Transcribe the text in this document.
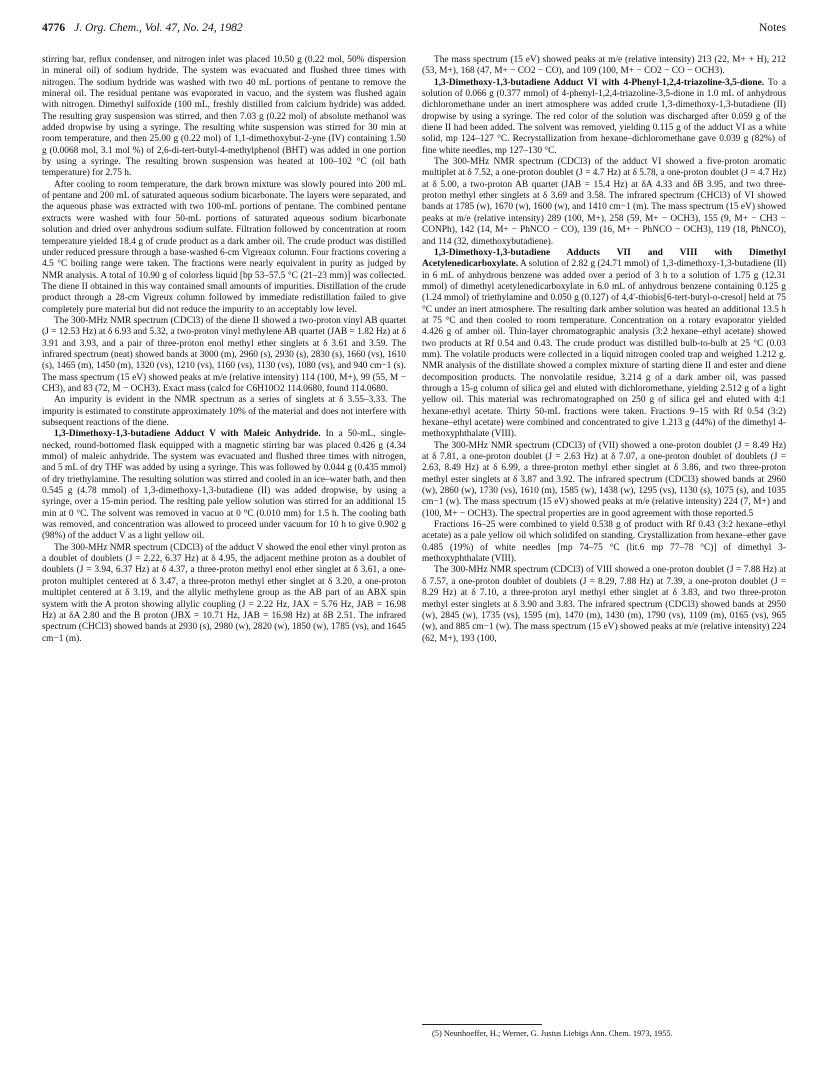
4776 J. Org. Chem., Vol. 47, No. 24, 1982	Notes

stirring bar, reflux condenser, and nitrogen inlet was placed 10.50 g (0.22 mol, 50% dispersion in mineral oil) of sodium hydride. The system was evacuated and flushed three times with nitrogen. The sodium hydride was washed with two 40 mL portions of pentane to remove the mineral oil. The residual pentane was evaporated in vacuo, and the system was flushed again with nitrogen. Dimethyl sulfoxide (100 mL, freshly distilled from calcium hydride) was added. The resulting gray suspension was stirred, and then 7.03 g (0.22 mol) of absolute methanol was added dropwise by using a syringe. The resulting white suspension was stirred for 30 min at room temperature, and then 25.00 g (0.22 mol) of 1,1-dimethoxybut-2-yne (IV) containing 1.50 g (0.0068 mol, 3.1 mol %) of 2,6-di-tert-butyl-4-methylphenol (BHT) was added in one portion by using a syringe. The resulting brown suspension was heated at 100–102 °C (oil bath temperature) for 2.75 h.

After cooling to room temperature, the dark brown mixture was slowly poured into 200 mL of pentane and 200 mL of saturated aqueous sodium bicarbonate. The layers were separated, and the aqueous phase was extracted with two 100-mL portions of pentane. The combined pentane extracts were washed with four 50-mL portions of saturated aqueous sodium bicarbonate solution and dried over anhydrous sodium sulfate. Filtration followed by concentration at room temperature yielded 18.4 g of crude product as a dark amber oil. The crude product was distilled under reduced pressure through a base-washed 6-cm Vigreaux column. Four fractions covering a 4.5 °C boiling range were taken. The fractions were nearly equivalent in purity as judged by NMR analysis. A total of 10.90 g of colorless liquid [bp 53–57.5 °C (21–23 mm)] was collected. The diene II obtained in this way contained small amounts of impurities. Distillation of the crude product through a 28-cm Vigreux column followed by immediate redistillation failed to give completely pure material but did not reduce the impurity to an acceptably low level.

The 300-MHz NMR spectrum (CDCl3) of the diene II showed a two-proton vinyl AB quartet (J = 12.53 Hz) at δ 6.93 and 5.32, a two-proton vinyl methylene AB quartet (JAB = 1.82 Hz) at δ 3.91 and 3.93, and a pair of three-proton enol methyl ether singlets at δ 3.61 and 3.59. The infrared spectrum (neat) showed bands at 3000 (m), 2960 (s), 2930 (s), 2830 (s), 1660 (vs), 1610 (s), 1465 (m), 1450 (m), 1320 (vs), 1210 (vs), 1160 (vs), 1130 (vs), 1080 (vs), and 940 cm−1 (s). The mass spectrum (15 eV) showed peaks at m/e (relative intensity) 114 (100, M+), 99 (55, M − CH3), and 83 (72, M − OCH3). Exact mass (calcd for C6H10O2 114.0680, found 114.0680.

An impurity is evident in the NMR spectrum as a series of singlets at δ 3.55–3.33. The impurity is estimated to constitute approximately 10% of the material and does not interfere with subsequent reactions of the diene.

1,3-Dimethoxy-1,3-butadiene Adduct V with Maleic Anhydride. In a 50-mL, single-necked, round-bottomed flask equipped with a magnetic stirring bar was placed 0.426 g (4.34 mmol) of maleic anhydride. The system was evacuated and flushed three times with nitrogen, and 5 mL of dry THF was added by using a syringe. This was followed by 0.044 g (0.435 mmol) of dry triethylamine. The resulting solution was stirred and cooled in an ice–water bath, and then 0.545 g (4.78 mmol) of 1,3-dimethoxy-1,3-butadiene (II) was added dropwise, by using a syringe, over a 15-min period. The reslting pale yellow solution was stirred for an additional 15 min at 0 °C. The solvent was removed in vacuo at 0 °C (0.010 mm) for 1.5 h. The cooling bath was removed, and concentration was allowed to proceed under vacuum for 10 h to give 0.902 g (98%) of the adduct V as a light yellow oil.

The 300-MHz NMR spectrum (CDCl3) of the adduct V showed the enol ether vinyl proton as a doublet of doublets (J = 2.22, 6.37 Hz) at δ 4.95, the adjacent methine proton as a doublet of doublets (J = 3.94, 6.37 Hz) at δ 4.37, a three-proton methyl enol ether singlet at δ 3.61, a one-proton multiplet centered at δ 3.47, a three-proton methyl ether singlet at δ 3.20, a one-proton multiplet centered at δ 3.19, and the allylic methylene group as the AB part of an ABX spin system with the A proton showing allylic coupling (J = 2.22 Hz, JAX = 5.76 Hz, JAB = 16.98 Hz) at δA 2.80 and the B proton (JBX = 10.71 Hz, JAB = 16.98 Hz) at δB 2.51. The infrared spectrum (CHCl3) showed bands at 2930 (s), 2980 (w), 2820 (w), 1850 (w), 1785 (vs), and 1645 cm−1 (m).

The mass spectrum (15 eV) showed peaks at m/e (relative intensity) 213 (22, M+ + H), 212 (53, M+), 168 (47, M+ − CO2 − CO), and 109 (100, M+ − CO2 − CO − OCH3).

1,3-Dimethoxy-1,3-butadiene Adduct VI with 4-Phenyl-1,2,4-triazoline-3,5-dione. To a solution of 0.066 g (0.377 mmol) of 4-phenyl-1,2,4-triazoline-3,5-dione in 1.0 mL of anhydrous dichloromethane under an inert atmosphere was added crude 1,3-dimethoxy-1,3-butadiene (II) dropwise by using a syringe. The red color of the solution was discharged after 0.059 g of the diene II had been added. The solvent was removed, yielding 0.115 g of the adduct VI as a white solid, mp 124–127 °C. Recrystallization from hexane–dichloromethane gave 0.039 g (82%) of fine white needles, mp 127–130 °C.

The 300-MHz NMR spectrum (CDCl3) of the adduct VI showed a five-proton aromatic multiplet at δ 7.52, a one-proton doublet (J = 4.7 Hz) at δ 5.78, a one-proton doublet (J = 4.7 Hz) at δ 5.00, a two-proton AB quartet (JAB = 15.4 Hz) at δA 4.33 and δB 3.95, and two three-proton methyl ether singlets at δ 3.69 and 3.58. The infrared spectrum (CHCl3) of VI showed bands at 1785 (w), 1670 (w), 1600 (w), and 1410 cm−1 (m). The mass spectrum (15 eV) showed peaks at m/e (relative intensity) 289 (100, M+), 258 (59, M+ − OCH3), 155 (9, M+ − CH3 − CONPh), 142 (14, M+ − PhNCO − CO), 139 (16, M+ − PhNCO − OCH3), 119 (18, PhNCO), and 114 (32, dimethoxybutadiene).

1,3-Dimethoxy-1,3-butadiene Adducts VII and VIII with Dimethyl Acetylenedicarboxylate. A solution of 2.82 g (24.71 mmol) of 1,3-dimethoxy-1,3-butadiene (II) in 6 mL of anhydrous benzene was added over a period of 3 h to a solution of 1.75 g (12.31 mmol) of dimethyl acetylenedicarboxylate in 6.0 mL of anhydrous benzene containing 0.125 g (1.24 mmol) of triethylamine and 0.050 g (0.127) of 4,4′-thiobis[6-tert-butyl-o-cresol] held at 75 °C under an inert atmosphere. The resulting dark amber solution was heated an additional 13.5 h at 75 °C and then cooled to room temperature. Concentration on a rotary evaporator yielded 4.426 g of amber oil. Thin-layer chromatographic analysis (3:2 hexane–ethyl acetate) showed two products at Rf 0.54 and 0.43. The crude product was distilled bulb-to-bulb at 25 °C (0.03 mm). The volatile products were collected in a liquid nitrogen cooled trap and weighed 1.212 g. NMR analysis of the distillate showed a complex mixture of starting diene II and ester and diene decomposition products. The nonvolatile residue, 3.214 g of a dark amber oil, was passed through a 15-g column of silica gel and eluted with dichloromethane, yielding 2.512 g of a light yellow oil. This material was rechromatographed on 250 g of silica gel and eluted with 4:1 hexane-ethyl acetate. Thirty 50-mL fractions were taken. Fractions 9–15 with Rf 0.54 (3:2) hexane–ethyl acetate) were combined and concentrated to give 1.213 g (44%) of the dimethyl 4-methoxyphthalate (VIII).

The 300-MHz NMR spectrum (CDCl3) of (VII) showed a one-proton doublet (J = 8.49 Hz) at δ 7.81, a one-proton doublet (J = 2.63 Hz) at δ 7.07, a one-proton doublet of doublets (J = 2.63, 8.49 Hz) at δ 6.99, a three-proton methyl ether singlet at δ 3.86, and two three-proton methyl ester singlets at δ 3.87 and 3.92. The infrared spectrum (CDCl3) showed bands at 2960 (w), 2860 (w), 1730 (vs), 1610 (m), 1585 (w), 1438 (w), 1295 (vs), 1130 (s), 1075 (s), and 1035 cm−1 (w). The mass spectrum (15 eV) showed peaks at m/e (relative intensity) 224 (7, M+) and (100, M+ − OCH3). The spectral properties are in good agreement with those reported.5

Fractions 16–25 were combined to yield 0.538 g of product with Rf 0.43 (3:2 hexane–ethyl acetate) as a pale yellow oil which solidifed on standing. Crystallization from hexane–ether gave 0.485 (19%) of white needles [mp 74–75 °C (lit.6 mp 77–78 °C)] of dimethyl 3-methoxyphthalate (VIII).

The 300-MHz NMR spectrum (CDCl3) of VIII showed a one-proton doublet (J = 7.88 Hz) at δ 7.57, a one-proton doublet of doublets (J = 8.29, 7.88 Hz) at 7.39, a one-proton doublet (J = 8.29 Hz) at δ 7.10, a three-proton aryl methyl ether singlet at δ 3.83, and two three-proton methyl ester singlets at δ 3.90 and 3.83. The infrared spectrum (CDCl3) showed bands at 2950 (w), 2845 (w), 1735 (vs), 1595 (m), 1470 (m), 1430 (m), 1790 (vs), 1109 (m), 0165 (vs), 965 (w), and 885 cm−1 (w). The mass spectrum (15 eV) showed peaks at m/e (relative intensity) 224 (62, M+), 193 (100,

(5) Neunhoeffer, H.; Werner, G. Justus Liebigs Ann. Chem. 1973, 1955.
